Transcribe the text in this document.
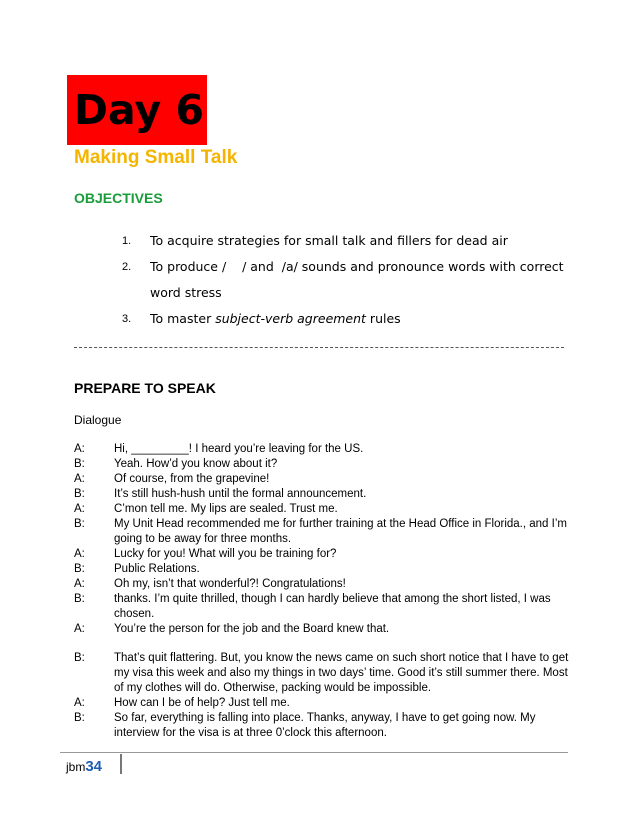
Day 6
Making Small Talk
OBJECTIVES
1. To acquire strategies for small talk and fillers for dead air
2. To produce /    / and  /a/ sounds and pronounce words with correct
word stress
3. To master subject-verb agreement rules
PREPARE TO SPEAK
Dialogue
A:	Hi, _________! I heard you’re leaving for the US.
B:	Yeah. How’d you know about it?
A:	Of course, from the grapevine!
B:	It’s still hush-hush until the formal announcement.
A:	C’mon tell me. My lips are sealed. Trust me.
B:	My Unit Head recommended me for further training at the Head Office in Florida., and I’m going to be away for three months.
A:	Lucky for you! What will you be training for?
B:	Public Relations.
A:	Oh my, isn’t that wonderful?! Congratulations!
B:	thanks. I’m quite thrilled, though I can hardly believe that among the short listed, I was chosen.
A:	You’re the person for the job and the Board knew that.
B:	That’s quit flattering. But, you know the news came on such short notice that I have to get my visa this week and also my things in two days’ time. Good it’s still summer there. Most of my clothes will do. Otherwise, packing would be impossible.
A:	How can I be of help? Just tell me.
B:	So far, everything is falling into place. Thanks, anyway, I have to get going now. My interview for the visa is at three 0’clock this afternoon.
jbm34
